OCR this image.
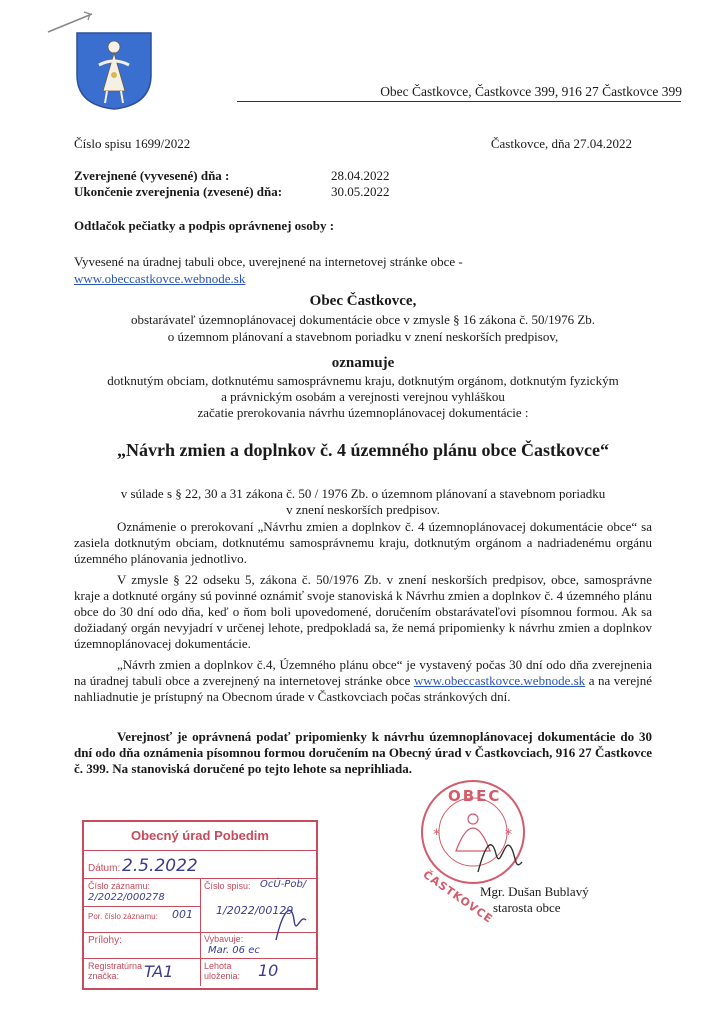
Obec Častkovce, Častkovce 399, 916 27 Častkovce 399
Číslo spisu 1699/2022	Častkovce, dňa 27.04.2022
Zverejnené (vyvesené) dňa :	28.04.2022
Ukončenie zverejnenia (zvesené) dňa:	30.05.2022
Odtlačok pečiatky a podpis oprávnenej osoby :
Vyvesené na úradnej tabuli obce, uverejnené na internetovej stránke obce -
www.obeccastkovce.webnode.sk
Obec Častkovce,
obstarávateľ územnoplánovacej dokumentácie obce v zmysle § 16 zákona č. 50/1976 Zb.
o územnom plánovaní a stavebnom poriadku v znení neskorších predpisov,
oznamuje
dotknutým obciam, dotknutému samosprávnemu kraju, dotknutým orgánom, dotknutým fyzickým
a právnickým osobám a verejnosti verejnou vyhláškou
začatie prerokovania návrhu územnoplánovacej dokumentácie :
„Návrh zmien a doplnkov č. 4 územného plánu obce Častkovce“
v súlade s § 22, 30 a 31 zákona č. 50 / 1976 Zb. o územnom plánovaní a stavebnom poriadku
v znení neskorších predpisov.
Oznámenie o prerokovaní „Návrhu zmien a doplnkov č. 4 územnoplánovacej dokumentácie obce“ sa zasiela dotknutým obciam, dotknutému samosprávnemu kraju, dotknutým orgánom a nadriadenému orgánu územného plánovania jednotlivo.
V zmysle § 22 odseku 5, zákona č. 50/1976 Zb. v znení neskorších predpisov, obce, samosprávne kraje a dotknuté orgány sú povinné oznámiť svoje stanoviská k Návrhu zmien a doplnkov č. 4 územného plánu obce do 30 dní odo dňa, keď o ňom boli upovedomené, doručením obstarávateľovi písomnou formou. Ak sa dožiadaný orgán nevyjadrí v určenej lehote, predpokladá sa, že nemá pripomienky k návrhu zmien a doplnkov územnoplánovacej dokumentácie.
„Návrh zmien a doplnkov č.4, Územného plánu obce“ je vystavený počas 30 dní odo dňa zverejnenia na úradnej tabuli obce a zverejnený na internetovej stránke obce www.obeccastkovce.webnode.sk a na verejné nahliadnutie je prístupný na Obecnom úrade v Častkovciach počas stránkových dní.
Verejnosť je oprávnená podať pripomienky k návrhu územnoplánovacej dokumentácie do 30 dní odo dňa oznámenia písomnou formou doručením na Obecný úrad v Častkovciach, 916 27 Častkovce č. 399. Na stanoviská doručené po tejto lehote sa neprihliada.
*	*
OBEC
ČASTKOVCE
Mgr. Dušan Bublavý
starosta obce
Obecný úrad Pobedim
Dátum: 2.5.2022
Číslo záznamu:
2/2022/000278
Číslo spisu: OcÚ-Pob/
1/2022/00129
Por. číslo záznamu: 001
Prílohy:	Vybavuje:
Mar. 06 ec
Registratúrna značka:	TA1	Lehota uloženia:	10
